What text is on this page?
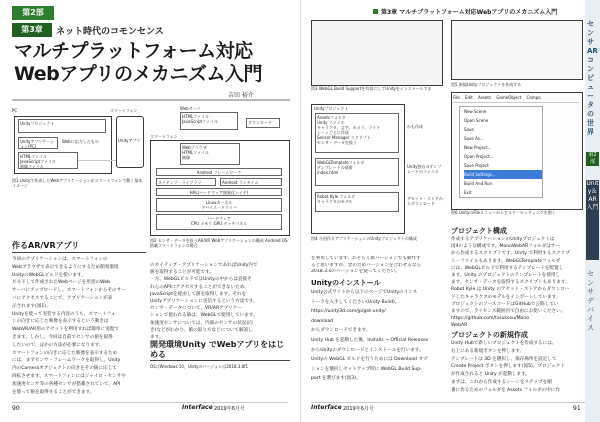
第2部
第3章	ネット時代のコモンセンス
マルチプラットフォーム対応
Webアプリのメカニズム入門
吉田 裕介
PC	スマートフォン
Unityプロジェクト
Unityアプリケーション(PC)
Webに出力したもの
HTMLファイル
JavaScriptファイル
画像ファイル
Unityアプリ
図1 Unityで作成したWebアプリケーションがスマートフォンで動く基本イメージ
Webサーバ
HTMLファイル
JavaScriptファイル	ダウンロード
スマートフォン
Webブラウザ
HTMLファイル
画像
Android フレームワーク
ネイティブ・ライブラリ	Android ランタイム
HAL(ハードウェア抽象化レイヤ)
Linuxカーネル
デバイス・ドライバ
ハードウェア
CPU メモリ GPU タッチパネル
図2 センサ・データを扱うAR/VR Webアプリケーションの構成 Android OS搭載スマートフォンの場合
作るAR/VRアプリ
今回のアプリケーションは、スマートフォンの
Webブラウザで表示できるようにするため開発環境
UnityのWebGLビルドを使います。
ビルドして作成されたWebページを用意のWeb
サーバにアップロードし、スマートフォンからそのサー
バにアクセスすることで、アプリケーションが表
示されます(図1)。
Unityを使って実装する内容のうち、スマートフォ
ンの向きに応じた映像を表示するという動きは
WebVR/AR用のアセットを利用すれば簡単に実現で
きます。しかし、今回は自前でセンサの値を取得
したいので、ほかの方法が必要になります。
スマートフォンの向きに応じた映像を表示するため
には、まずセンサ・フレームワークを取得し、Unity
内のCameraオブジェクトの向きをその値に応じて
回転させます。スマートフォンにはジャイロ・センサや
加速度センサ等の各種センサが搭載されていて、API
を使って値を取得することができます。
のネイティブ・アプリケーションであればUnity内で
値を取得することが可能です。
一方、WebGLビルドではUnityの中からは直接そ
れらのAPIにアクセスすることができないため、
JavaScriptを経由して値を取得します。それを
Unityアプリケーションに送信するという方法です。
センサ・データについて、VR/ARアプリケー
ションで使われる値は、WebGLで使用しています。
加速度センサについては、内部のセンサの状況(向
き)などがわかり、値の取り方などについて解説し
ます。
開発環境Unity でWebアプリをはじめる
OSはWindows 10、Unityのバージョンは2018.3.8f1
90	Interface 2019年6月号
第3章 マルチプラットフォーム対応Webアプリのメカニズム入門
図3 WebGL Build Supportを有効にしてUnityをインストールする
Unityプロジェクト
Assetsフォルダ
Unity ファイル
キャラクタ、文字、カメラ、ライト
シーンごとに作成
Sensor Manager スクリプト
センサ・データを扱う
WebGLTemplateフォルダ
テンプレートの情報
index.html
Robot Kyle フォルダ
キャラクタのモデル
かも作成
Unity独自のテンプレートのファイル
アセット・ストアからダウンロード
図4 今回作るアプリケーションのUnityプロジェクトの構成
図5 新規Unityプロジェクトを作成する
File Edit Assets GameObject Compo
New Scene
Open Scene
Save
Save As...
New Project...
Open Project...
Save Project
Build Settings...
Build And Run
Exit
図6 UnityのFileメニューからビルド・セッティングを開く
を利用しています。おそらく新バージョンでも動作す
ると思いますが、念のためバージョンを合わせるなら
2018.3.xのバージョンを使ってください。
Unityのインストール
Unity公式サイトから以下のページでUnityのインス
トーラを入手してください(Unity Build)。
https://unity3d.com/jp/get-unity/
download
からダウンロードできます。
Unity Hub を起動した後、Installs → Official Releases
からUnityのダウンロードとインストールを行います。
Unityの WebGL ビルドを行うためには Download オプ
ションを選択しセットアップ時に WebGL Build Sup-
port を選びます(図3)。
プロジェクト構成
作成するアプリケーションのUnityプロジェクトは
図4のような構成です。MonoWebARフォルダはサー
から作成するスクリプトです。Unity で利用するスクリプ
ト・ファイルもあります。WebGLTemplateフォルダ
には、WebGLビルドで利用するテンプレートを配置し
ます。Unity のプロジェクトのテンプレートを使用し
ます。センサ・データを取得するスクリプトもあります。
Robot Kyle は Unity のアセット・ストアからダウンロー
ドしたキャラクタのモデルをインポートしています。
プロジェクトのソースコードはGitHubで公開してい
ますので、ライセンス範囲内で自由にお使いください。
https://github.com/tarukosu/Mono
WebAR
プロジェクトの新規作成
Unity Hubで新しいプロジェクトを作成するには、
右上にある新規ボタンを押します。
テンプレートは 3D を選択し、保存場所を設定して
Create Project ボタンを押します(図5)。プロジェクト
が作成されると Unity が起動します。
まずは、これから作成するシーンをステップを順
番に作るためのフォルダを Assets フォルダの中に作
Interface 2019年6月号	91
センサARコンピュータの世界
第2部
Unity＆AR入門
センサデバイス
